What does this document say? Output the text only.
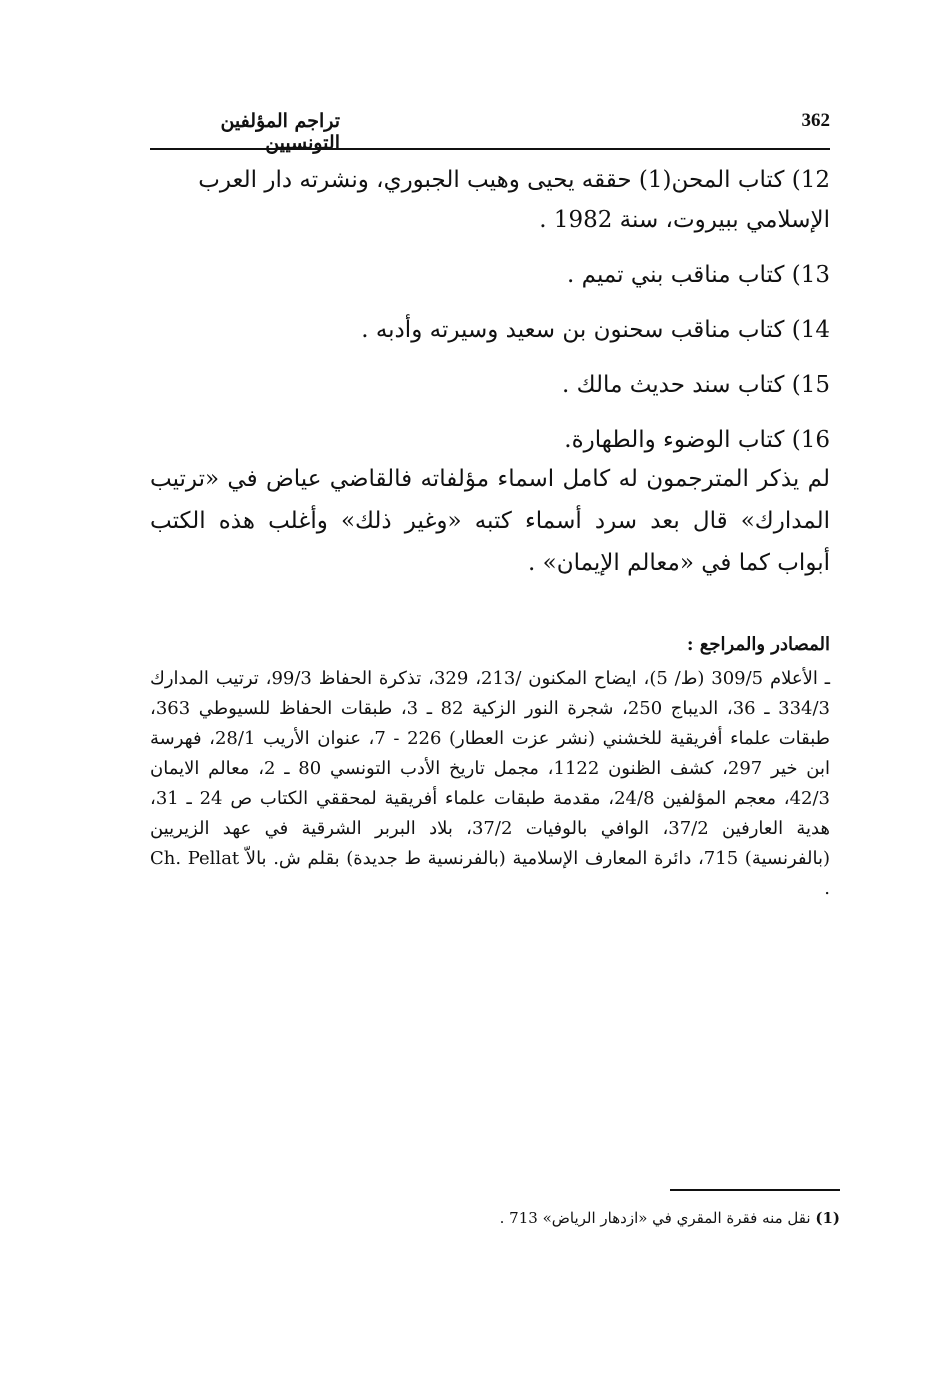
تراجم المؤلفين التونسيين
362
12) كتاب المحن(1) حققه يحيى وهيب الجبوري، ونشرته دار العرب الإسلامي ببيروت، سنة 1982 .
13) كتاب مناقب بني تميم .
14) كتاب مناقب سحنون بن سعيد وسيرته وأدبه .
15) كتاب سند حديث مالك .
16) كتاب الوضوء والطهارة.
لم يذكر المترجمون له كامل اسماء مؤلفاته فالقاضي عياض في «ترتيب المدارك» قال بعد سرد أسماء كتبه «وغير ذلك» وأغلب هذه الكتب أبواب كما في «معالم الإيمان» .
المصادر والمراجع :

ـ الأعلام 309/5 (ط/ 5)، ايضاح المكنون /213، 329، تذكرة الحفاظ 99/3، ترتيب المدارك 334/3 ـ 36، الديباج 250، شجرة النور الزكية 82 ـ 3، طبقات الحفاظ للسيوطي 363، طبقات علماء أفريقية للخشني (نشر عزت العطار) 226 - 7، عنوان الأريب 28/1، فهرسة ابن خير 297، كشف الظنون 1122، مجمل تاريخ الأدب التونسي 80 ـ 2، معالم الايمان 42/3، معجم المؤلفين 24/8، مقدمة طبقات علماء أفريقية لمحققي الكتاب ص 24 ـ 31، هدية العارفين 37/2، الوافي بالوفيات 37/2، بلاد البربر الشرقية في عهد الزيريين (بالفرنسية) 715، دائرة المعارف الإسلامية (بالفرنسية ط جديدة) بقلم ش. بالاّ Ch. Pellat .

(1) نقل منه فقرة المقري في «ازدهار الرياض» 713 .
